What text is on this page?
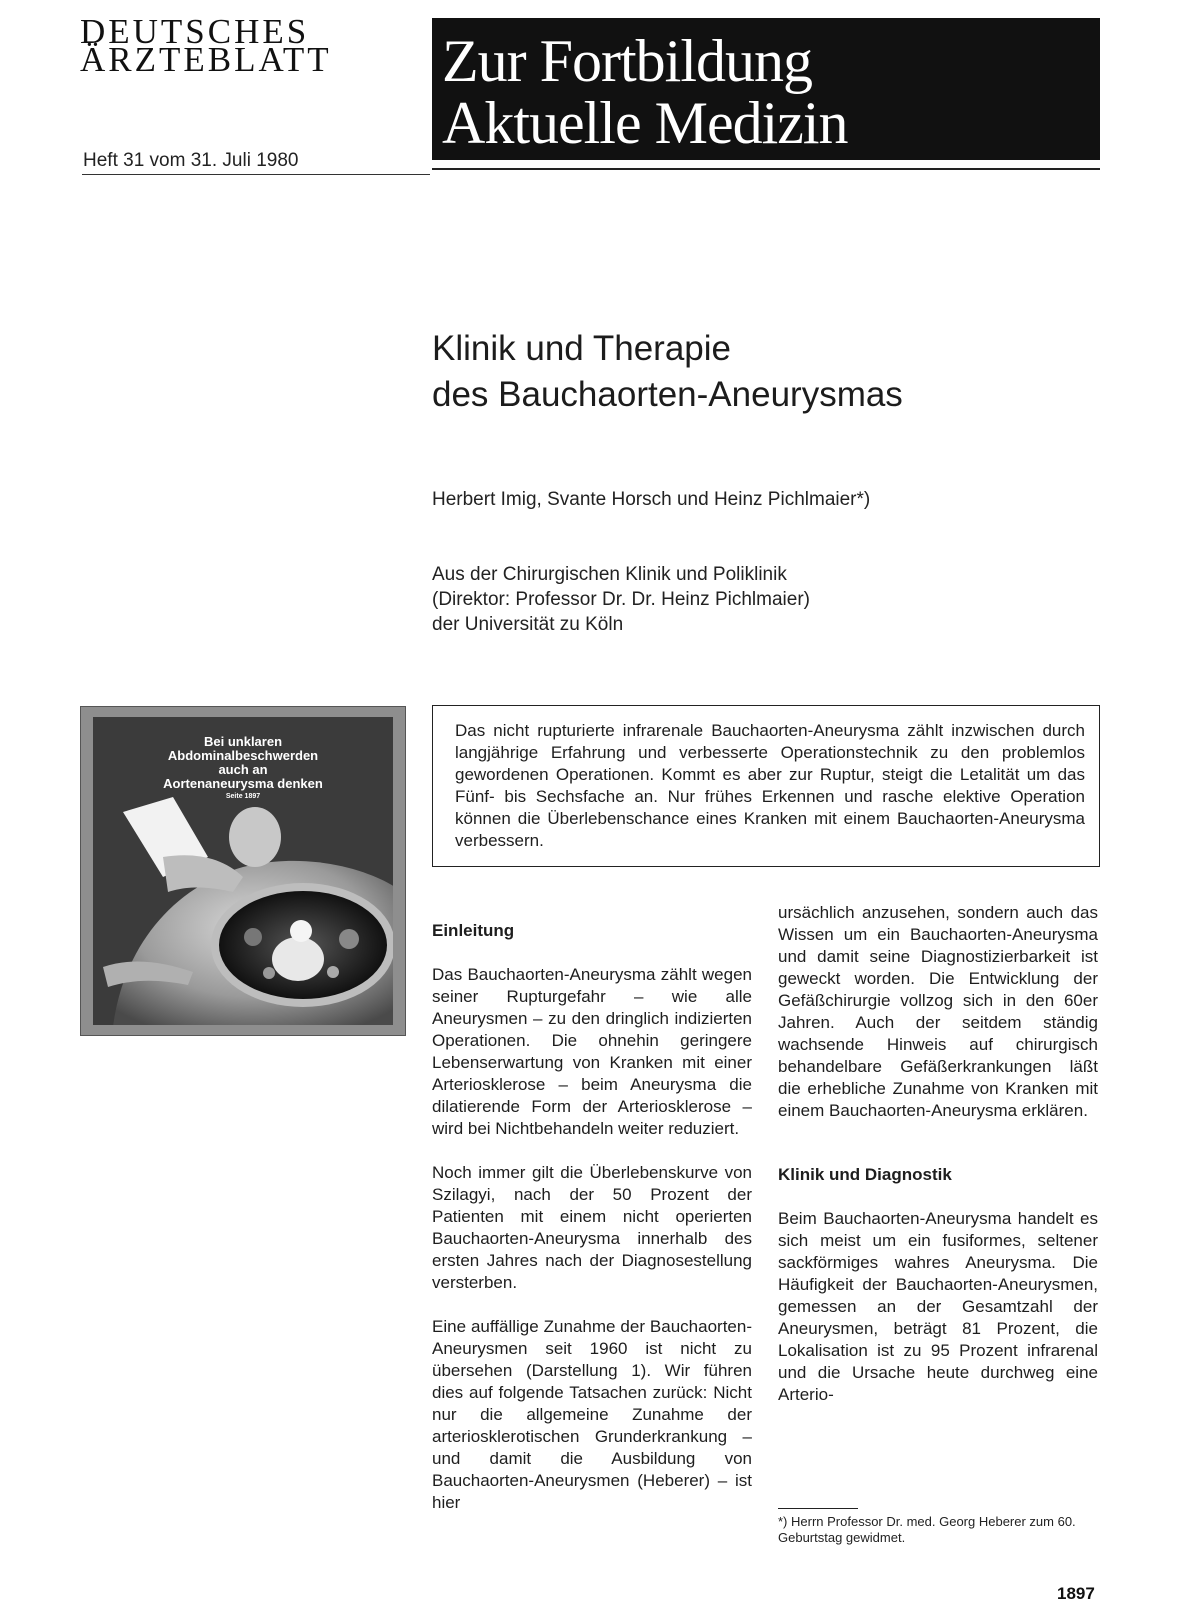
DEUTSCHES
ÄRZTEBLATT
Heft 31 vom 31. Juli 1980
Zur Fortbildung
Aktuelle Medizin
Klinik und Therapie
des Bauchaorten-Aneurysmas
Herbert Imig, Svante Horsch und Heinz Pichlmaier*)
Aus der Chirurgischen Klinik und Poliklinik
(Direktor: Professor Dr. Dr. Heinz Pichlmaier)
der Universität zu Köln
Bei unklaren
Abdominalbeschwerden
auch an
Aortenaneurysma denken
Seite 1897
Das nicht rupturierte infrarenale Bauchaorten-Aneurysma zählt inzwischen durch langjährige Erfahrung und verbesserte Operationstechnik zu den problemlos gewordenen Operationen. Kommt es aber zur Ruptur, steigt die Letalität um das Fünf- bis Sechsfache an. Nur frühes Erkennen und rasche elektive Operation können die Überlebenschance eines Kranken mit einem Bauchaorten-Aneurysma verbessern.
Einleitung

Das Bauchaorten-Aneurysma zählt wegen seiner Rupturgefahr – wie alle Aneurysmen – zu den dringlich indizierten Operationen. Die ohnehin geringere Lebenserwartung von Kranken mit einer Arteriosklerose – beim Aneurysma die dilatierende Form der Arteriosklerose – wird bei Nichtbehandeln weiter reduziert.

Noch immer gilt die Überlebenskurve von Szilagyi, nach der 50 Prozent der Patienten mit einem nicht operierten Bauchaorten-Aneurysma innerhalb des ersten Jahres nach der Diagnosestellung versterben.

Eine auffällige Zunahme der Bauchaorten-Aneurysmen seit 1960 ist nicht zu übersehen (Darstellung 1). Wir führen dies auf folgende Tatsachen zurück: Nicht nur die allgemeine Zunahme der arteriosklerotischen Grunderkrankung – und damit die Ausbildung von Bauchaorten-Aneurysmen (Heberer) – ist hier

ursächlich anzusehen, sondern auch das Wissen um ein Bauchaorten-Aneurysma und damit seine Diagnostizierbarkeit ist geweckt worden. Die Entwicklung der Gefäßchirurgie vollzog sich in den 60er Jahren. Auch der seitdem ständig wachsende Hinweis auf chirurgisch behandelbare Gefäßerkrankungen läßt die erhebliche Zunahme von Kranken mit einem Bauchaorten-Aneurysma erklären.

Klinik und Diagnostik

Beim Bauchaorten-Aneurysma handelt es sich meist um ein fusiformes, seltener sackförmiges wahres Aneurysma. Die Häufigkeit der Bauchaorten-Aneurysmen, gemessen an der Gesamtzahl der Aneurysmen, beträgt 81 Prozent, die Lokalisation ist zu 95 Prozent infrarenal und die Ursache heute durchweg eine Arterio-

*) Herrn Professor Dr. med. Georg Heberer zum 60. Geburtstag gewidmet.
1897
